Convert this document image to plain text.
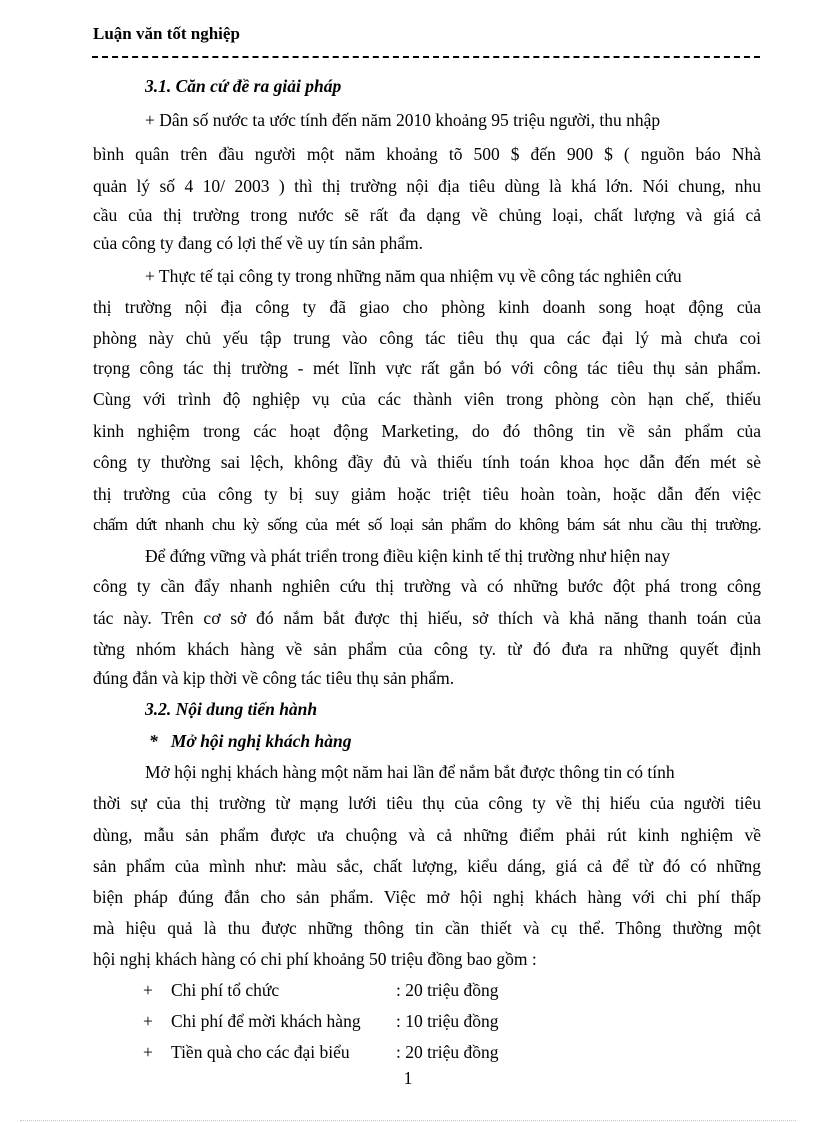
Luận văn tốt nghiệp
3.1. Căn cứ đề ra giải pháp
+ Dân số nước ta ước tính đến năm 2010 khoảng 95 triệu người, thu nhập
bình quân trên đầu người một năm khoảng tõ 500 $ đến 900 $ ( nguồn báo Nhà
quản lý số 4 10/ 2003 ) thì thị trường nội địa tiêu dùng là khá lớn. Nói chung, nhu
cầu của thị trường trong nước sẽ rất đa dạng về chủng loại, chất lượng và giá cả
của công ty đang có lợi thế về uy tín sản phẩm.
+ Thực tế tại công ty trong những năm qua nhiệm vụ về công tác nghiên cứu
thị trường nội địa công ty đã giao cho phòng kinh doanh song hoạt động của
phòng này chủ yếu tập trung vào công tác tiêu thụ qua các đại lý mà chưa coi
trọng công tác thị trường - mét lĩnh vực rất gắn bó với công tác tiêu thụ sản phẩm.
Cùng với trình độ nghiệp vụ của các thành viên trong phòng còn hạn chế, thiếu
kinh nghiệm trong các hoạt động Marketing, do đó thông tin về sản phẩm của
công ty thường sai lệch, không đầy đủ và thiếu tính toán khoa học dẫn đến mét sè
thị trường của công ty bị suy giảm hoặc triệt tiêu hoàn toàn, hoặc dẫn đến việc
chấm dứt nhanh chu kỳ sống của mét số loại sản phẩm do không bám sát nhu cầu thị trường.
Để đứng vững và phát triển trong điều kiện kinh tế thị trường như hiện nay
công ty cần đẩy nhanh nghiên cứu thị trường và có những bước đột phá trong công
tác này. Trên cơ sở đó nắm bắt được thị hiếu, sở thích và khả năng thanh toán của
từng nhóm khách hàng về sản phẩm của công ty. từ đó đưa ra những quyết định
đúng đắn và kịp thời về công tác tiêu thụ sản phẩm.
3.2. Nội dung tiến hành
*   Mở hội nghị khách hàng
Mở hội nghị khách hàng một năm hai lần để nắm bắt được thông tin có tính
thời sự của thị trường từ mạng lưới tiêu thụ của công ty về thị hiếu của người tiêu
dùng, mẫu sản phẩm được ưa chuộng và cả những điểm phải rút kinh nghiệm về
sản phẩm của mình như: màu sắc, chất lượng, kiểu dáng, giá cả để từ đó có những
biện pháp đúng đắn cho sản phẩm. Việc mở hội nghị khách hàng với chi phí thấp
mà hiệu quả là thu được những thông tin cần thiết và cụ thể. Thông thường một
hội nghị khách hàng có chi phí khoảng 50 triệu đồng bao gồm :
+ Chi phí tổ chức	: 20 triệu đồng
+ Chi phí để mời khách hàng : 10 triệu đồng
+ Tiền quà cho các đại biểu	: 20 triệu đồng
1
